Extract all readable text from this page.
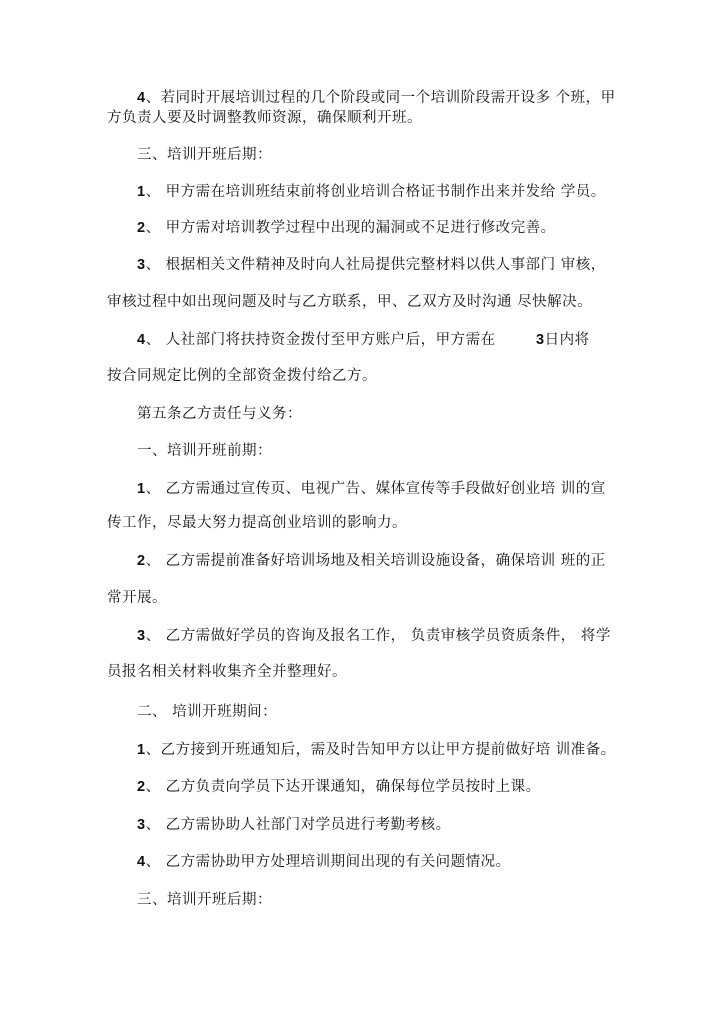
4、若同时开展培训过程的几个阶段或同一个培训阶段需开设多 个班，甲
方负责人要及时调整教师资源，确保顺利开班。
三、培训开班后期：
1、 甲方需在培训班结束前将创业培训合格证书制作出来并发给 学员。
2、 甲方需对培训教学过程中出现的漏洞或不足进行修改完善。
3、 根据相关文件精神及时向人社局提供完整材料以供人事部门 审核，
审核过程中如出现问题及时与乙方联系，甲、乙双方及时沟通 尽快解决。
4、 人社部门将扶持资金拨付至甲方账户后，甲方需在	3日内将
按合同规定比例的全部资金拨付给乙方。
第五条乙方责任与义务：
一、培训开班前期：
1、 乙方需通过宣传页、电视广告、媒体宣传等手段做好创业培 训的宣
传工作，尽最大努力提高创业培训的影响力。
2、 乙方需提前准备好培训场地及相关培训设施设备，确保培训 班的正
常开展。
3、 乙方需做好学员的咨询及报名工作， 负责审核学员资质条件， 将学
员报名相关材料收集齐全并整理好。
二、 培训开班期间：
1、乙方接到开班通知后，需及时告知甲方以让甲方提前做好培 训准备。
2、 乙方负责向学员下达开课通知，确保每位学员按时上课。
3、 乙方需协助人社部门对学员进行考勤考核。
4、 乙方需协助甲方处理培训期间出现的有关问题情况。
三、培训开班后期：
